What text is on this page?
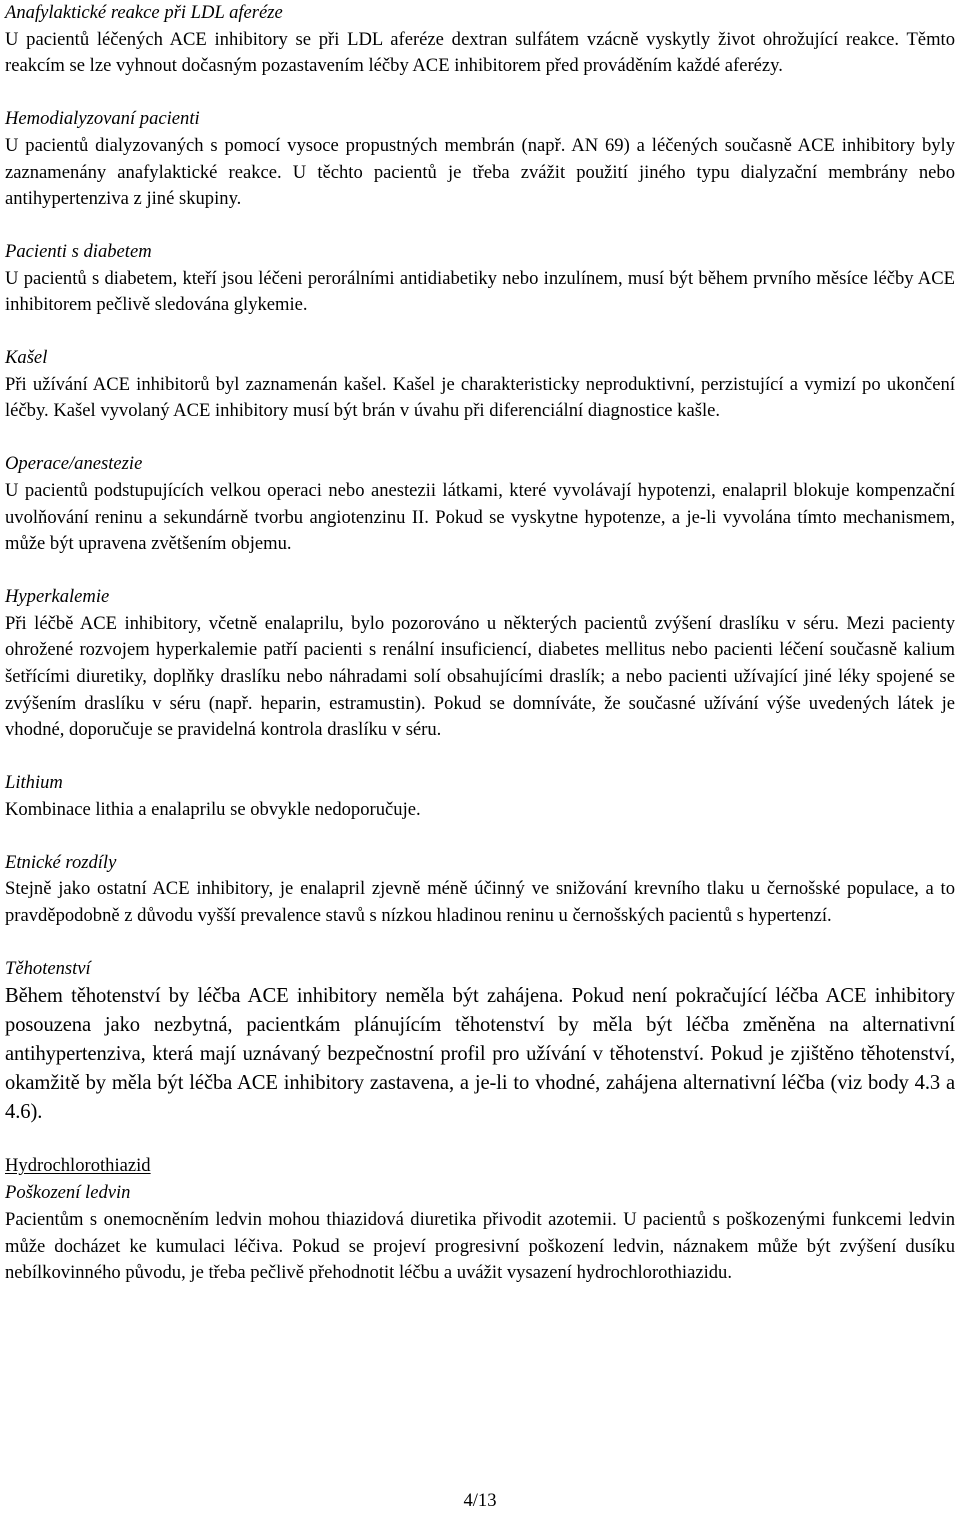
Anafylaktické reakce při LDL aferéze

U pacientů léčených ACE inhibitory se při LDL aferéze dextran sulfátem vzácně vyskytly život ohrožující reakce. Těmto reakcím se lze vyhnout dočasným pozastavením léčby ACE inhibitorem před prováděním každé aferézy.

Hemodialyzovaní pacienti

U pacientů dialyzovaných s pomocí vysoce propustných membrán (např. AN 69) a léčených současně ACE inhibitory byly zaznamenány anafylaktické reakce. U těchto pacientů je třeba zvážit použití jiného typu dialyzační membrány nebo antihypertenziva z jiné skupiny.

Pacienti s diabetem

U pacientů s diabetem, kteří jsou léčeni perorálními antidiabetiky nebo inzulínem, musí být během prvního měsíce léčby ACE inhibitorem pečlivě sledována glykemie.

Kašel

Při užívání ACE inhibitorů byl zaznamenán kašel. Kašel je charakteristicky neproduktivní, perzistující a vymizí po ukončení léčby. Kašel vyvolaný ACE inhibitory musí být brán v úvahu při diferenciální diagnostice kašle.

Operace/anestezie

U pacientů podstupujících velkou operaci nebo anestezii látkami, které vyvolávají hypotenzi, enalapril blokuje kompenzační uvolňování reninu a sekundárně tvorbu angiotenzinu II. Pokud se vyskytne hypotenze, a je-li vyvolána tímto mechanismem, může být upravena zvětšením objemu.

Hyperkalemie

Při léčbě ACE inhibitory, včetně enalaprilu, bylo pozorováno u některých pacientů zvýšení draslíku v séru. Mezi pacienty ohrožené rozvojem hyperkalemie patří pacienti s renální insuficiencí, diabetes mellitus nebo pacienti léčení současně kalium šetřícími diuretiky, doplňky draslíku nebo náhradami solí obsahujícími draslík; a nebo pacienti užívající jiné léky spojené se zvýšením draslíku v séru (např. heparin, estramustin). Pokud se domníváte, že současné užívání výše uvedených látek je vhodné, doporučuje se pravidelná kontrola draslíku v séru.

Lithium

Kombinace lithia a enalaprilu se obvykle nedoporučuje.

Etnické rozdíly

Stejně jako ostatní ACE inhibitory, je enalapril zjevně méně účinný ve snižování krevního tlaku u černošské populace, a to pravděpodobně z důvodu vyšší prevalence stavů s nízkou hladinou reninu u černošských pacientů s hypertenzí.

Těhotenství

Během těhotenství by léčba ACE inhibitory neměla být zahájena. Pokud není pokračující léčba ACE inhibitory posouzena jako nezbytná, pacientkám plánujícím těhotenství by měla být léčba změněna na alternativní antihypertenziva, která mají uznávaný bezpečnostní profil pro užívání v těhotenství. Pokud je zjištěno těhotenství, okamžitě by měla být léčba ACE inhibitory zastavena, a je-li to vhodné, zahájena alternativní léčba (viz body 4.3 a 4.6).

Hydrochlorothiazid

Poškození ledvin

Pacientům s onemocněním ledvin mohou thiazidová diuretika přivodit azotemii. U pacientů s poškozenými funkcemi ledvin může docházet ke kumulaci léčiva. Pokud se projeví progresivní poškození ledvin, náznakem může být zvýšení dusíku nebílkovinného původu, je třeba pečlivě přehodnotit léčbu a uvážit vysazení hydrochlorothiazidu.

4/13
